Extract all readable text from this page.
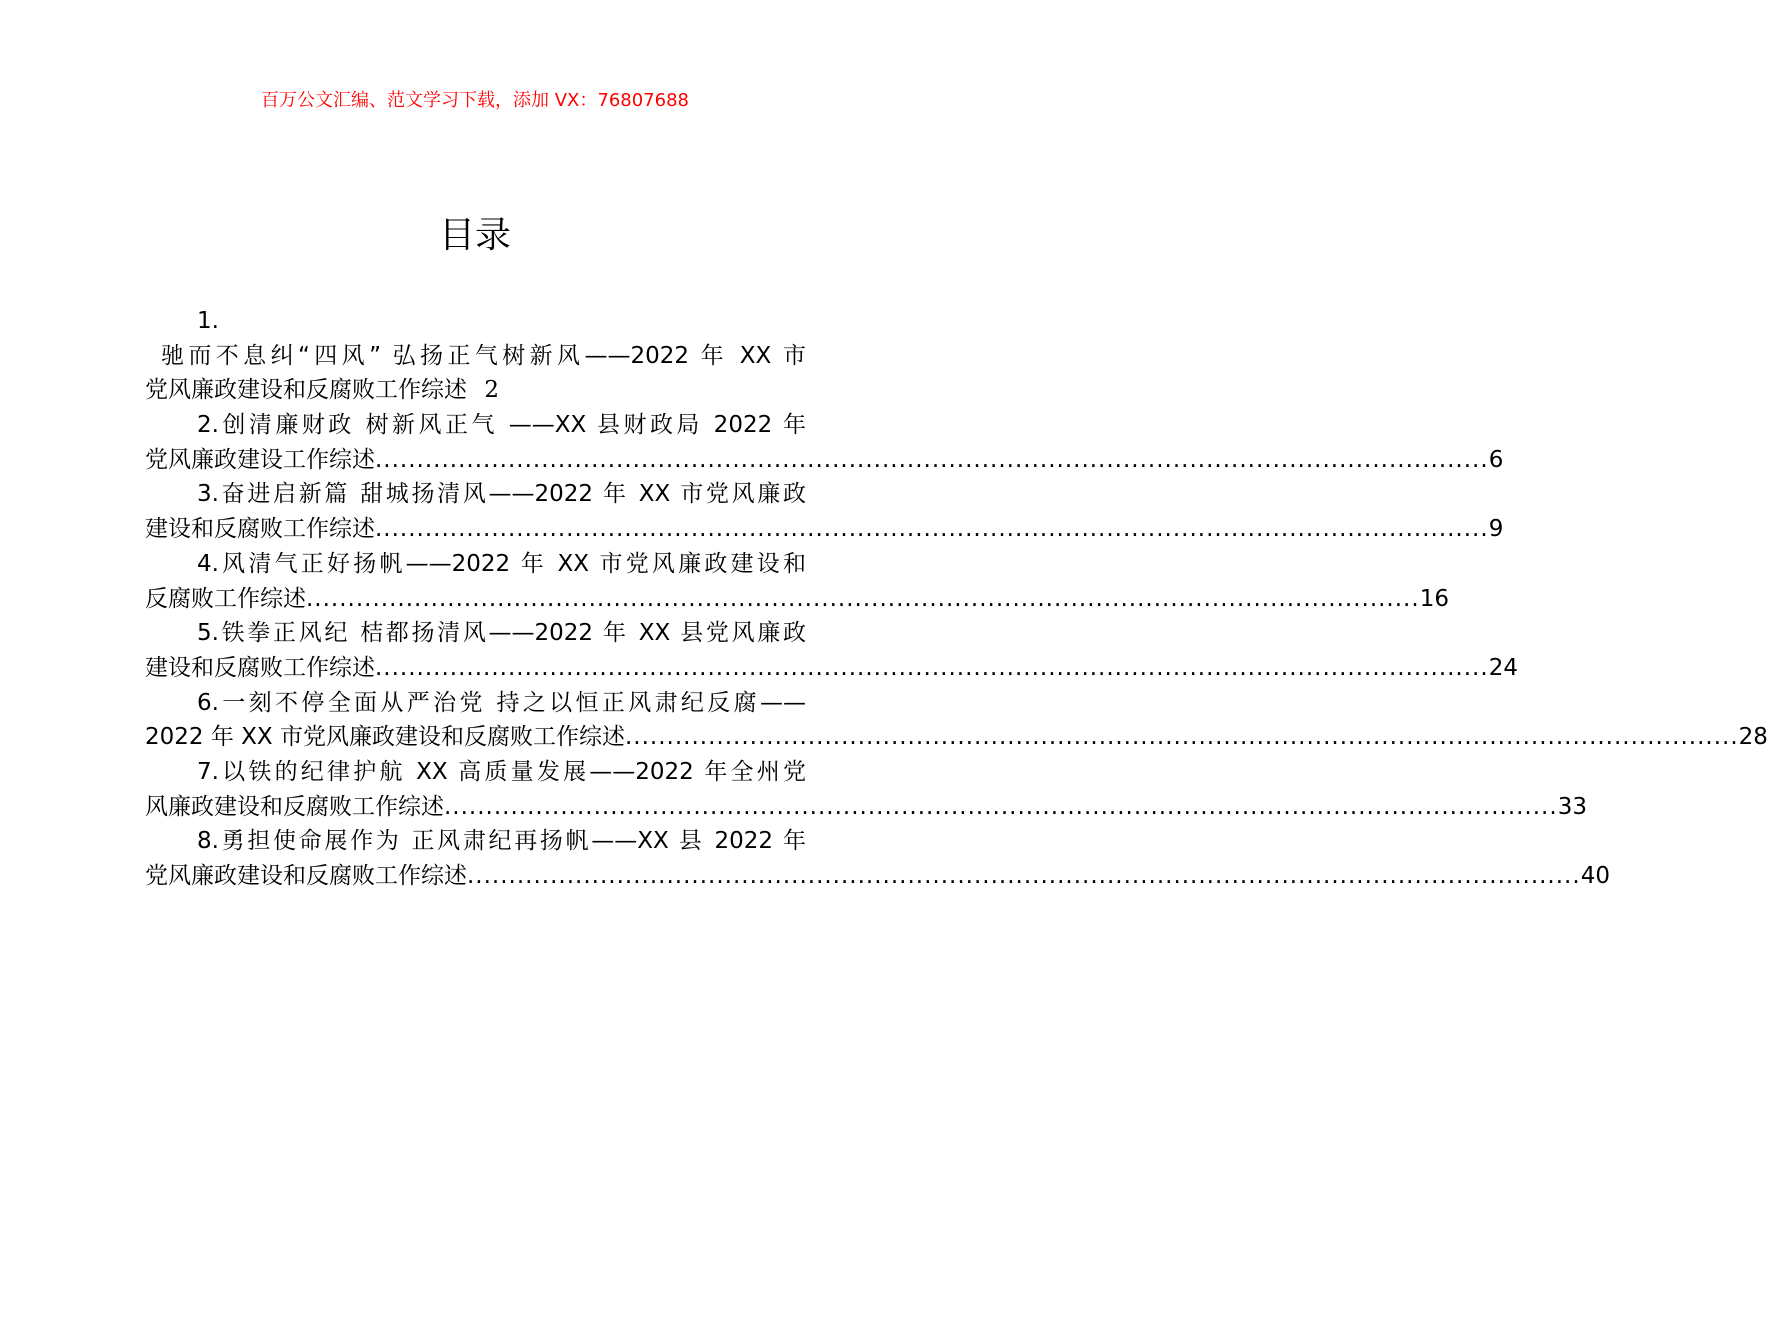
百万公文汇编、范文学习下载，添加 VX：76807688
目录
1.
驰而不息纠“四风” 弘扬正气树新风——2022 年 XX 市
党风廉政建设和反腐败工作综述 2
2.创清廉财政 树新风正气 ——XX 县财政局 2022 年
党风廉政建设工作综述 ...................................................................................................................................... 6
3.奋进启新篇 甜城扬清风——2022 年 XX 市党风廉政
建设和反腐败工作综述 ...................................................................................................................................... 9
4.风清气正好扬帆——2022 年 XX 市党风廉政建设和
反腐败工作综述 ...................................................................................................................................... 16
5.铁拳正风纪 桔都扬清风——2022 年 XX 县党风廉政
建设和反腐败工作综述 ...................................................................................................................................... 24
6.一刻不停全面从严治党 持之以恒正风肃纪反腐——
2022 年 XX 市党风廉政建设和反腐败工作综述 ...................................................................................................................................... 28
7.以铁的纪律护航 XX 高质量发展——2022 年全州党
风廉政建设和反腐败工作综述 ...................................................................................................................................... 33
8.勇担使命展作为 正风肃纪再扬帆——XX 县 2022 年
党风廉政建设和反腐败工作综述 ...................................................................................................................................... 40
